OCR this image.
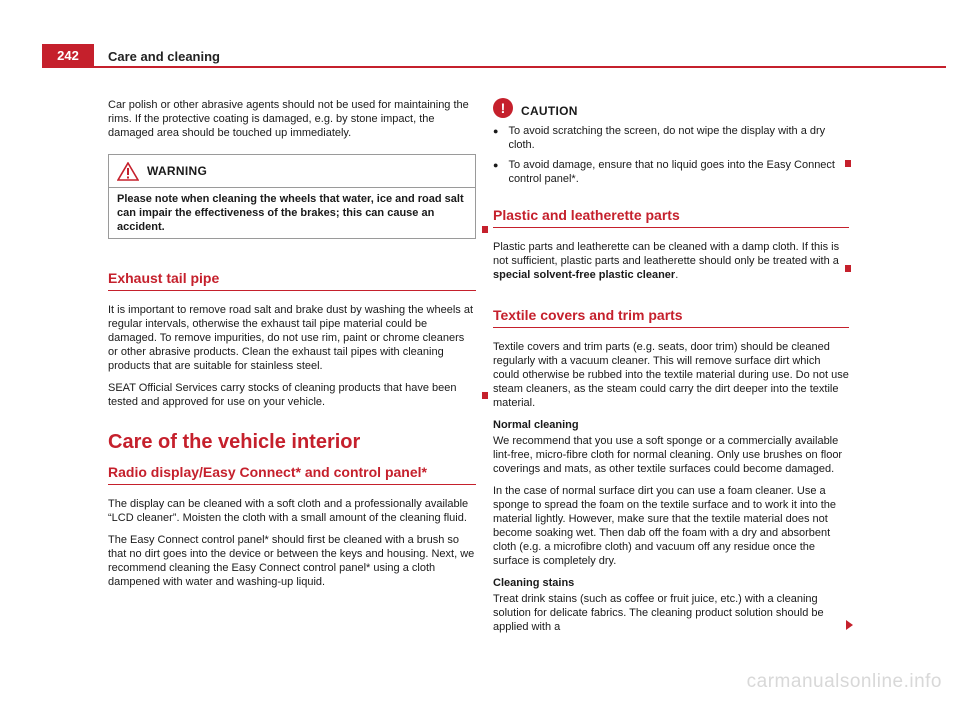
242	Care and cleaning

Car polish or other abrasive agents should not be used for maintaining the rims. If the protective coating is damaged, e.g. by stone impact, the damaged area should be touched up immediately.

WARNING
Please note when cleaning the wheels that water, ice and road salt can impair the effectiveness of the brakes; this can cause an accident.
Exhaust tail pipe

It is important to remove road salt and brake dust by washing the wheels at regular intervals, otherwise the exhaust tail pipe material could be damaged. To remove impurities, do not use rim, paint or chrome cleaners or other abrasive products. Clean the exhaust tail pipes with cleaning products that are suitable for stainless steel.

SEAT Official Services carry stocks of cleaning products that have been tested and approved for use on your vehicle.

Care of the vehicle interior
Radio display/Easy Connect* and control panel*

The display can be cleaned with a soft cloth and a professionally available “LCD cleaner”. Moisten the cloth with a small amount of the cleaning fluid.

The Easy Connect control panel* should first be cleaned with a brush so that no dirt goes into the device or between the keys and housing. Next, we recommend cleaning the Easy Connect control panel* using a cloth dampened with water and washing-up liquid.

!	CAUTION
● To avoid scratching the screen, do not wipe the display with a dry cloth.
● To avoid damage, ensure that no liquid goes into the Easy Connect control panel*.
Plastic and leatherette parts

Plastic parts and leatherette can be cleaned with a damp cloth. If this is not sufficient, plastic parts and leatherette should only be treated with a special solvent-free plastic cleaner.

Textile covers and trim parts

Textile covers and trim parts (e.g. seats, door trim) should be cleaned regularly with a vacuum cleaner. This will remove surface dirt which could otherwise be rubbed into the textile material during use. Do not use steam cleaners, as the steam could carry the dirt deeper into the textile material.

Normal cleaning

We recommend that you use a soft sponge or a commercially available lint-free, micro-fibre cloth for normal cleaning. Only use brushes on floor coverings and mats, as other textile surfaces could become damaged.

In the case of normal surface dirt you can use a foam cleaner. Use a sponge to spread the foam on the textile surface and to work it into the material lightly. However, make sure that the textile material does not become soaking wet. Then dab off the foam with a dry and absorbent cloth (e.g. a microfibre cloth) and vacuum off any residue once the surface is completely dry.

Cleaning stains

Treat drink stains (such as coffee or fruit juice, etc.) with a cleaning solution for delicate fabrics. The cleaning product solution should be applied with a

carmanualsonline.info
